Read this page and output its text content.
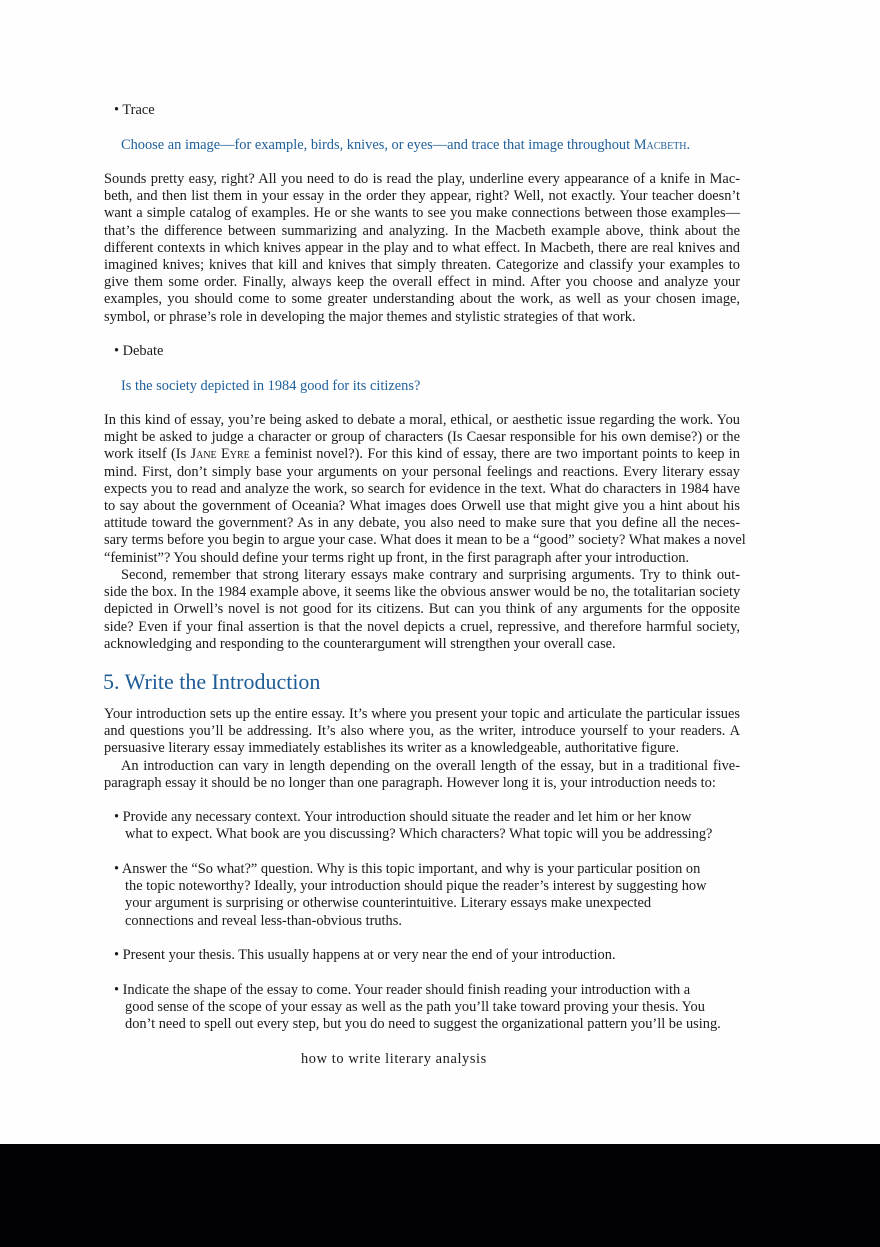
• Trace
Choose an image—for example, birds, knives, or eyes—and trace that image throughout Macbeth.
Sounds pretty easy, right? All you need to do is read the play, underline every appearance of a knife in Mac-
beth, and then list them in your essay in the order they appear, right? Well, not exactly. Your teacher doesn’t
want a simple catalog of examples. He or she wants to see you make connections between those examples—
that’s the difference between summarizing and analyzing. In the Macbeth example above, think about the
different contexts in which knives appear in the play and to what effect. In Macbeth, there are real knives and
imagined knives; knives that kill and knives that simply threaten. Categorize and classify your examples to
give them some order. Finally, always keep the overall effect in mind. After you choose and analyze your
examples, you should come to some greater understanding about the work, as well as your chosen image,
symbol, or phrase’s role in developing the major themes and stylistic strategies of that work.
• Debate
Is the society depicted in 1984 good for its citizens?
In this kind of essay, you’re being asked to debate a moral, ethical, or aesthetic issue regarding the work. You
might be asked to judge a character or group of characters (Is Caesar responsible for his own demise?) or the
work itself (Is Jane Eyre a feminist novel?). For this kind of essay, there are two important points to keep in
mind. First, don’t simply base your arguments on your personal feelings and reactions. Every literary essay
expects you to read and analyze the work, so search for evidence in the text. What do characters in 1984 have
to say about the government of Oceania? What images does Orwell use that might give you a hint about his
attitude toward the government? As in any debate, you also need to make sure that you define all the neces-
sary terms before you begin to argue your case. What does it mean to be a “good” society? What makes a novel
“feminist”? You should define your terms right up front, in the first paragraph after your introduction.
Second, remember that strong literary essays make contrary and surprising arguments. Try to think out-
side the box. In the 1984 example above, it seems like the obvious answer would be no, the totalitarian society
depicted in Orwell’s novel is not good for its citizens. But can you think of any arguments for the opposite
side? Even if your final assertion is that the novel depicts a cruel, repressive, and therefore harmful society,
acknowledging and responding to the counterargument will strengthen your overall case.
5. Write the Introduction
Your introduction sets up the entire essay. It’s where you present your topic and articulate the particular issues
and questions you’ll be addressing. It’s also where you, as the writer, introduce yourself to your readers. A
persuasive literary essay immediately establishes its writer as a knowledgeable, authoritative figure.
An introduction can vary in length depending on the overall length of the essay, but in a traditional five-
paragraph essay it should be no longer than one paragraph. However long it is, your introduction needs to:
• Provide any necessary context. Your introduction should situate the reader and let him or her know
what to expect. What book are you discussing? Which characters? What topic will you be addressing?
• Answer the “So what?” question. Why is this topic important, and why is your particular position on
the topic noteworthy? Ideally, your introduction should pique the reader’s interest by suggesting how
your argument is surprising or otherwise counterintuitive. Literary essays make unexpected
connections and reveal less-than-obvious truths.
• Present your thesis. This usually happens at or very near the end of your introduction.
• Indicate the shape of the essay to come. Your reader should finish reading your introduction with a
good sense of the scope of your essay as well as the path you’ll take toward proving your thesis. You
don’t need to spell out every step, but you do need to suggest the organizational pattern you’ll be using.
how to write literary analysis
